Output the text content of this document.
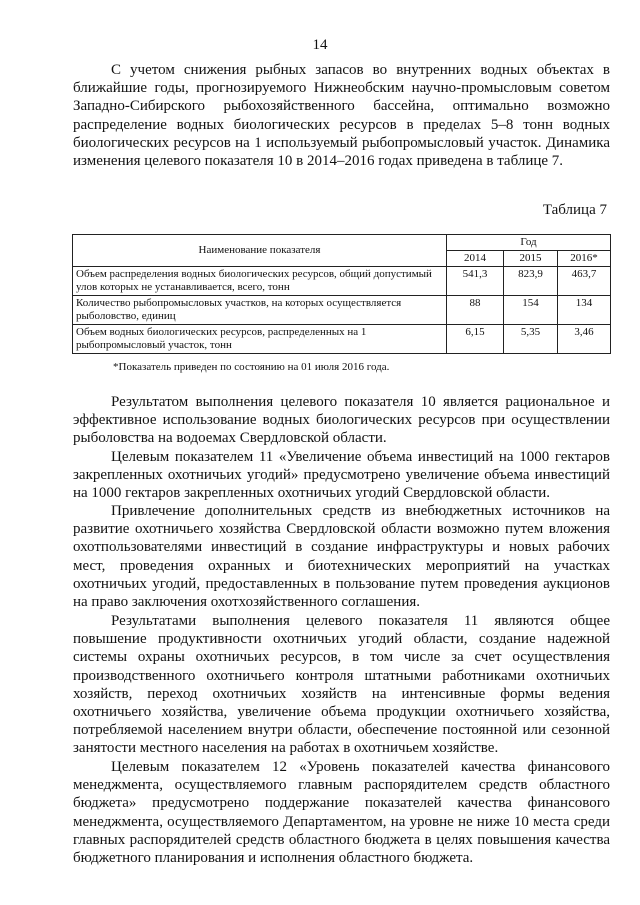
14

С учетом снижения рыбных запасов во внутренних водных объектах в ближайшие годы, прогнозируемого Нижнеобским научно-промысловым советом Западно-Сибирского рыбохозяйственного бассейна, оптимально возможно распределение водных биологических ресурсов в пределах 5–8 тонн водных биологических ресурсов на 1 используемый рыбопромысловый участок. Динамика изменения целевого показателя 10 в 2014–2016 годах приведена в таблице 7.

Таблица 7
Наименование показателя	Год		
	2014	2015	2016*
Объем распределения водных биологических ресурсов, общий допустимый улов которых не устанавливается, всего, тонн	541,3	823,9	463,7
Количество рыбопромысловых участков, на которых осуществляется рыболовство, единиц	88	154	134
Объем водных биологических ресурсов, распределенных на 1 рыбопромысловый участок, тонн	6,15	5,35	3,46
*Показатель приведен по состоянию на 01 июля 2016 года.

Результатом выполнения целевого показателя 10 является рациональное и эффективное использование водных биологических ресурсов при осуществлении рыболовства на водоемах Свердловской области.

Целевым показателем 11 «Увеличение объема инвестиций на 1000 гектаров закрепленных охотничьих угодий» предусмотрено увеличение объема инвестиций на 1000 гектаров закрепленных охотничьих угодий Свердловской области.

Привлечение дополнительных средств из внебюджетных источников на развитие охотничьего хозяйства Свердловской области возможно путем вложения охотпользователями инвестиций в создание инфраструктуры и новых рабочих мест, проведения охранных и биотехнических мероприятий на участках охотничьих угодий, предоставленных в пользование путем проведения аукционов на право заключения охотхозяйственного соглашения.

Результатами выполнения целевого показателя 11 являются общее повышение продуктивности охотничьих угодий области, создание надежной системы охраны охотничьих ресурсов, в том числе за счет осуществления производственного охотничьего контроля штатными работниками охотничьих хозяйств, переход охотничьих хозяйств на интенсивные формы ведения охотничьего хозяйства, увеличение объема продукции охотничьего хозяйства, потребляемой населением внутри области, обеспечение постоянной или сезонной занятости местного населения на работах в охотничьем хозяйстве.

Целевым показателем 12 «Уровень показателей качества финансового менеджмента, осуществляемого главным распорядителем средств областного бюджета» предусмотрено поддержание показателей качества финансового менеджмента, осуществляемого Департаментом, на уровне не ниже 10 места среди главных распорядителей средств областного бюджета в целях повышения качества бюджетного планирования и исполнения областного бюджета.
